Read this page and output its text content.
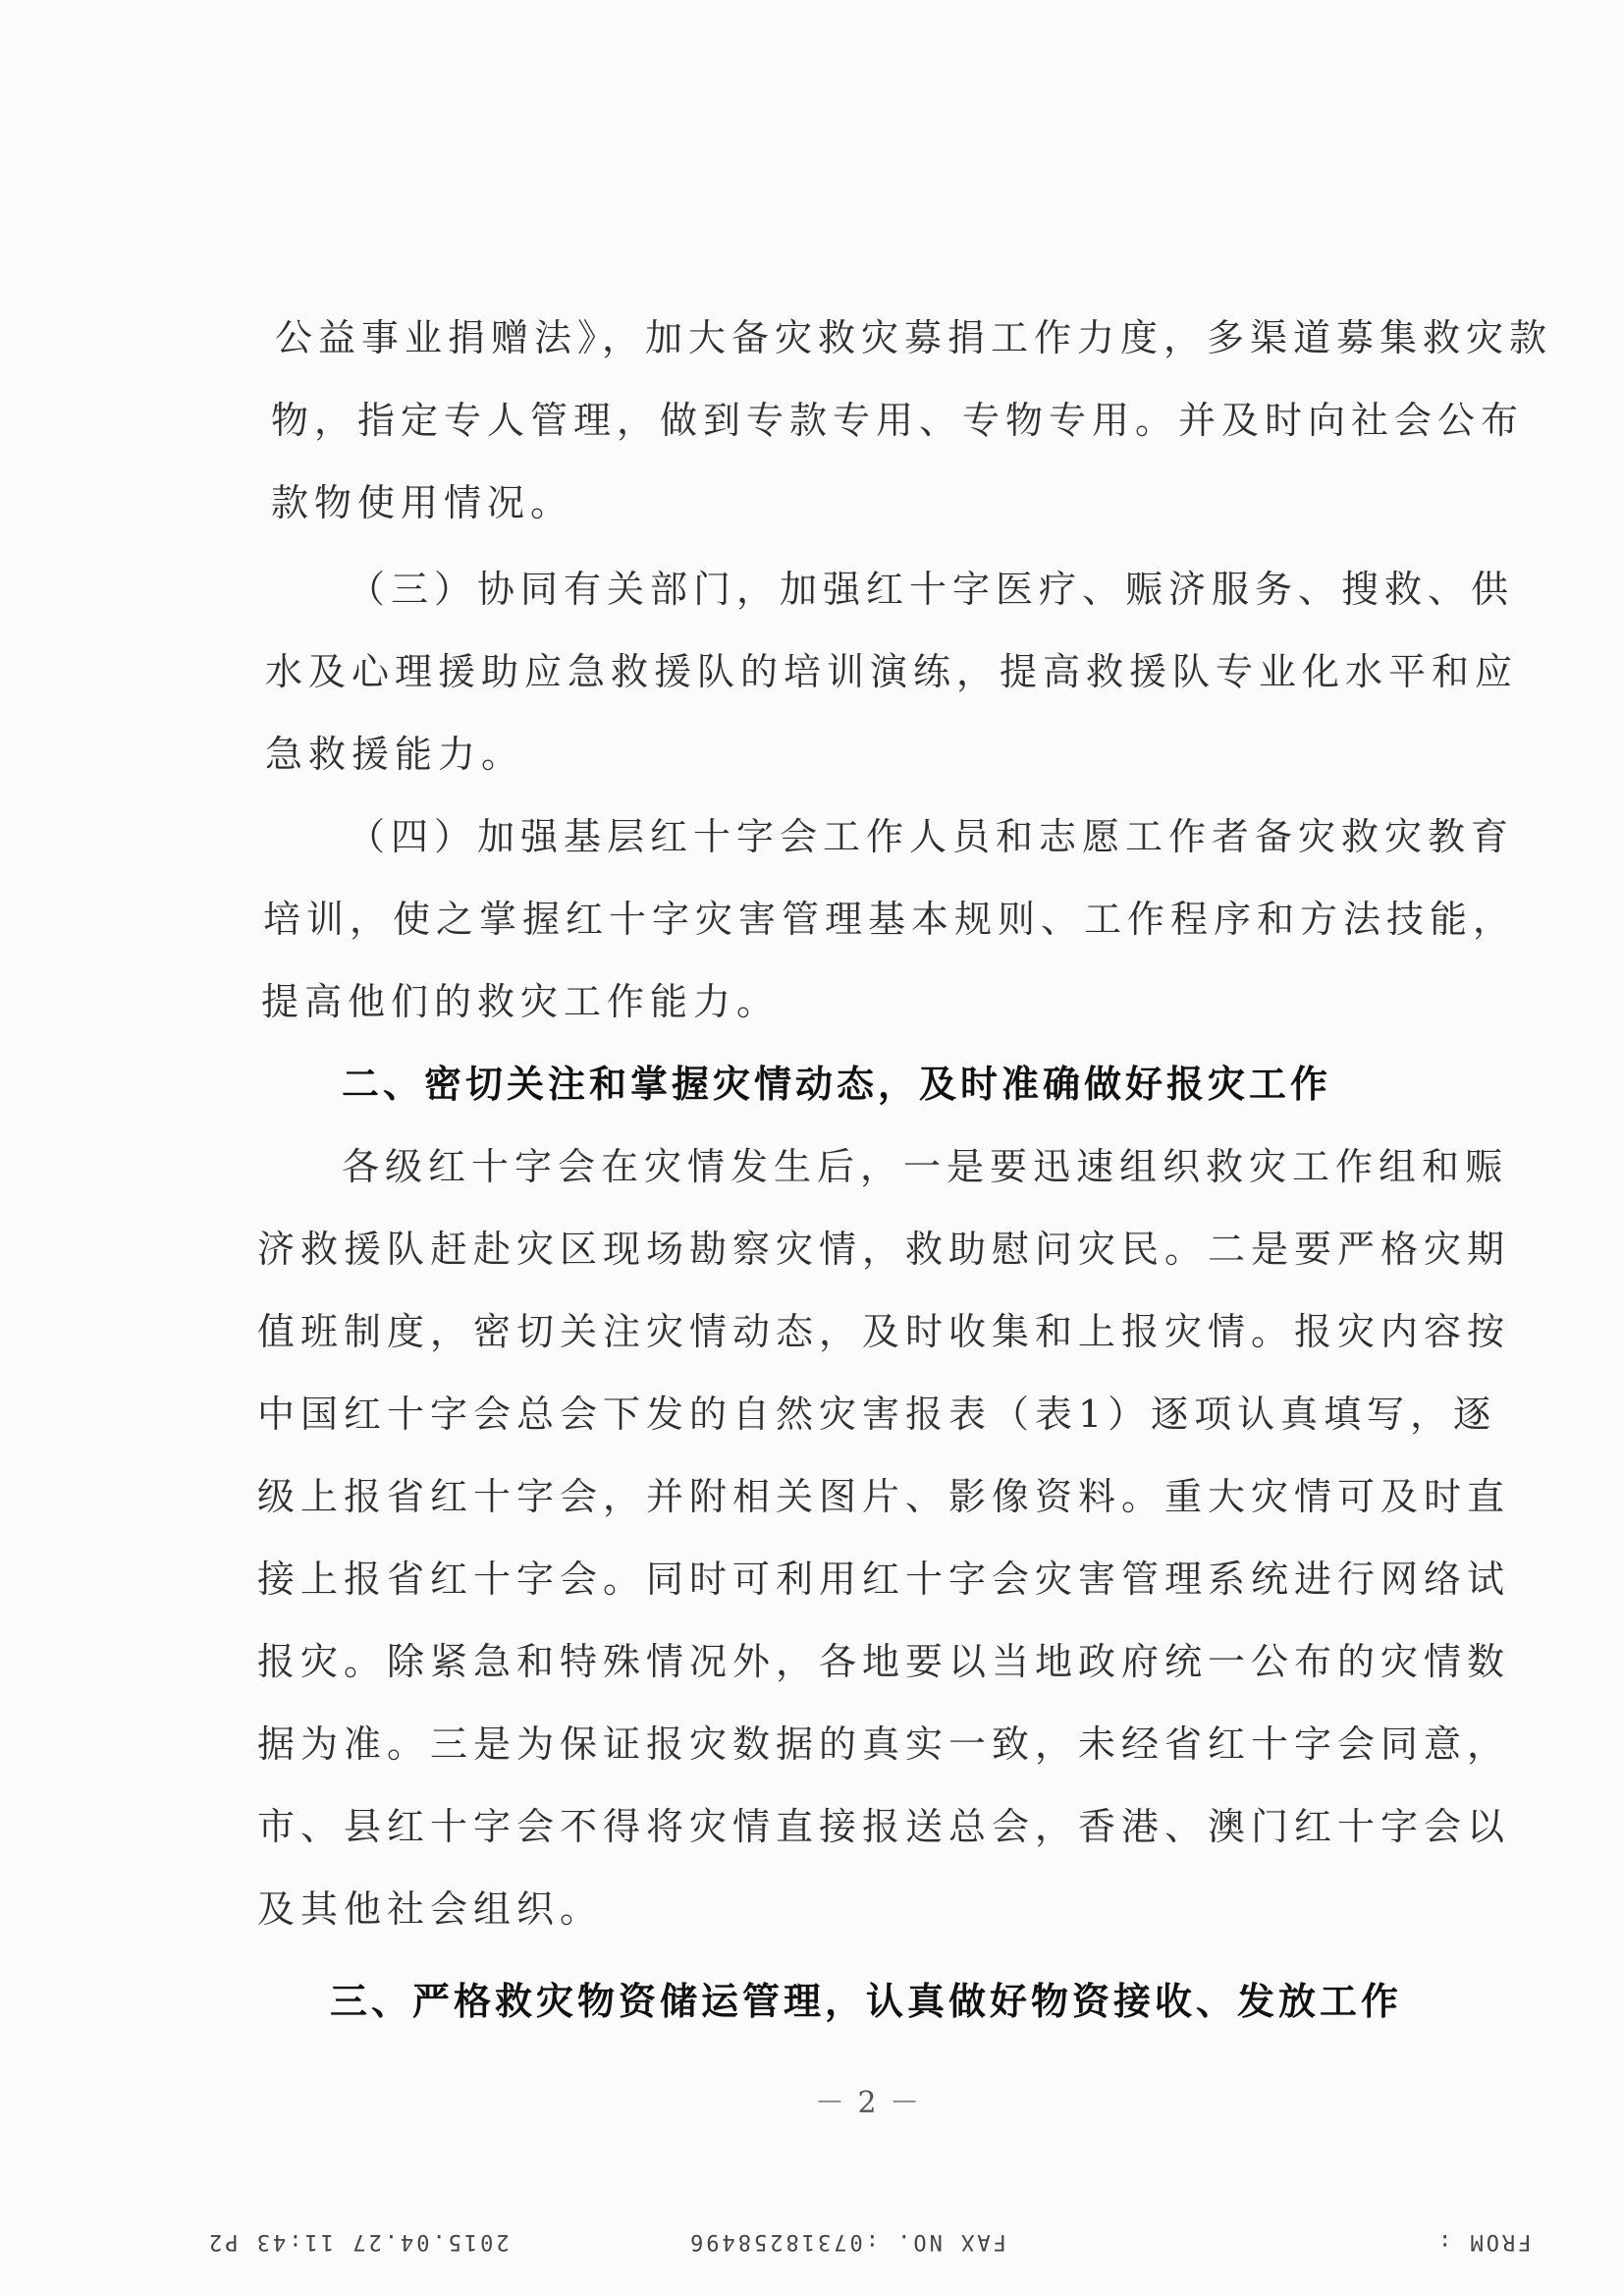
公益事业捐赠法》，加大备灾救灾募捐工作力度，多渠道募集救灾款
物，指定专人管理，做到专款专用、专物专用。并及时向社会公布
款物使用情况。
（三）协同有关部门，加强红十字医疗、赈济服务、搜救、供
水及心理援助应急救援队的培训演练，提高救援队专业化水平和应
急救援能力。
（四）加强基层红十字会工作人员和志愿工作者备灾救灾教育
培训，使之掌握红十字灾害管理基本规则、工作程序和方法技能，
提高他们的救灾工作能力。
二、密切关注和掌握灾情动态，及时准确做好报灾工作
各级红十字会在灾情发生后，一是要迅速组织救灾工作组和赈
济救援队赶赴灾区现场勘察灾情，救助慰问灾民。二是要严格灾期
值班制度，密切关注灾情动态，及时收集和上报灾情。报灾内容按
中国红十字会总会下发的自然灾害报表（表1）逐项认真填写，逐
级上报省红十字会，并附相关图片、影像资料。重大灾情可及时直
接上报省红十字会。同时可利用红十字会灾害管理系统进行网络试
报灾。除紧急和特殊情况外，各地要以当地政府统一公布的灾情数
据为准。三是为保证报灾数据的真实一致，未经省红十字会同意，
市、县红十字会不得将灾情直接报送总会，香港、澳门红十字会以
及其他社会组织。
三、严格救灾物资储运管理，认真做好物资接收、发放工作
－ 2 －
FROM :
FAX NO. :07318258496
2015.04.27 11:43 P2
